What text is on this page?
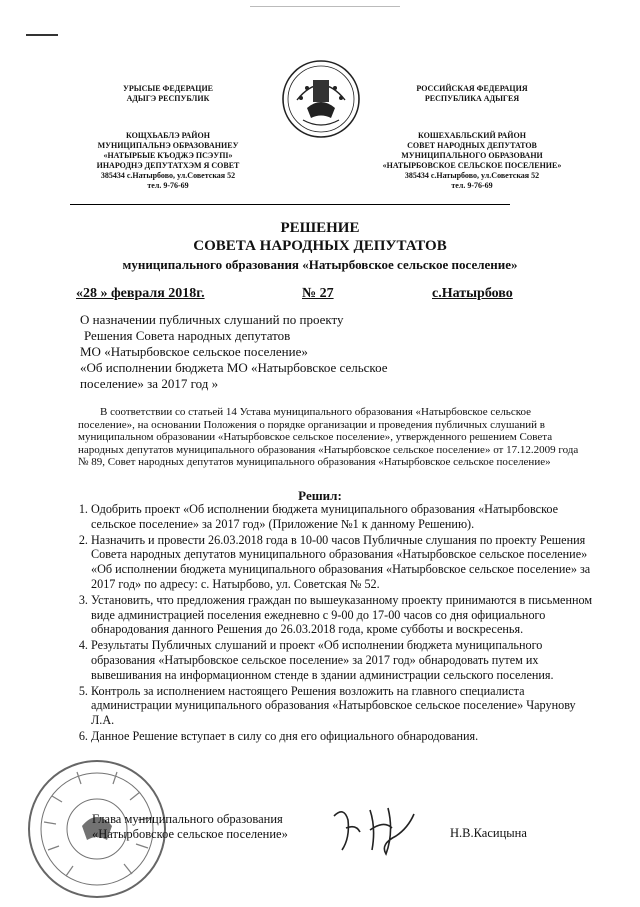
УРЫСЫЕ ФЕДЕРАЦИЕ
АДЫГЭ РЕСПУБЛИК
КОЩХЬАБЛЭ РАЙОН
МУНИЦИПАЛЬНЭ ОБРАЗОВАНИЕУ
«НАТЫРБЫЕ КЪОДЖЭ ПСЭУПI»
ИНАРОДНЭ ДЕПУТАТХЭМ Я СОВЕТ
385434 с.Натырбово, ул.Советская 52
тел. 9-76-69
РОССИЙСКАЯ ФЕДЕРАЦИЯ
РЕСПУБЛИКА АДЫГЕЯ
КОШЕХАБЛЬСКИЙ РАЙОН
СОВЕТ НАРОДНЫХ ДЕПУТАТОВ
МУНИЦИПАЛЬНОГО ОБРАЗОВАНИ
«НАТЫРБОВСКОЕ СЕЛЬСКОЕ ПОСЕЛЕНИЕ»
385434 с.Натырбово, ул.Советская 52
тел. 9-76-69
РЕШЕНИЕ
СОВЕТА НАРОДНЫХ ДЕПУТАТОВ
муниципального образования «Натырбовское сельское поселение»
«28 » февраля 2018г.	№ 27	с.Натырбово
О назначении публичных слушаний по проекту
Решения Совета народных депутатов
МО «Натырбовское сельское поселение»
«Об исполнении бюджета МО «Натырбовское сельское
поселение» за 2017 год »
В соответствии со статьей 14 Устава муниципального образования «Натырбовское сельское поселение», на основании Положения о порядке организации и проведения публичных слушаний в муниципальном образовании «Натырбовское сельское поселение», утвержденного решением Совета народных депутатов муниципального образования «Натырбовское сельское поселение» от 17.12.2009 года № 89, Совет народных депутатов муниципального образования «Натырбовское сельское поселение»
Решил:
1. Одобрить проект «Об исполнении бюджета муниципального образования «Натырбовское сельское поселение» за 2017 год» (Приложение №1 к данному Решению).
2. Назначить и провести 26.03.2018 года в 10-00 часов Публичные слушания по проекту Решения Совета народных депутатов муниципального образования «Натырбовское сельское поселение» «Об исполнении бюджета муниципального образования «Натырбовское сельское поселение» за 2017 год» по адресу: с. Натырбово, ул. Советская № 52.
3. Установить, что предложения граждан по вышеуказанному проекту принимаются в письменном виде администрацией поселения ежедневно с 9-00 до 17-00 часов со дня официального обнародования данного Решения до 26.03.2018 года, кроме субботы и воскресенья.
4. Результаты Публичных слушаний и проект «Об исполнении бюджета муниципального образования «Натырбовское сельское поселение» за 2017 год» обнародовать путем их вывешивания на информационном стенде в здании администрации сельского поселения.
5. Контроль за исполнением настоящего Решения возложить на главного специалиста администрации муниципального образования «Натырбовское сельское поселение» Чарунову Л.А.
6. Данное Решение вступает в силу со дня его официального обнародования.
Глава муниципального образования
«Натырбовское сельское поселение»	Н.В.Касицына
